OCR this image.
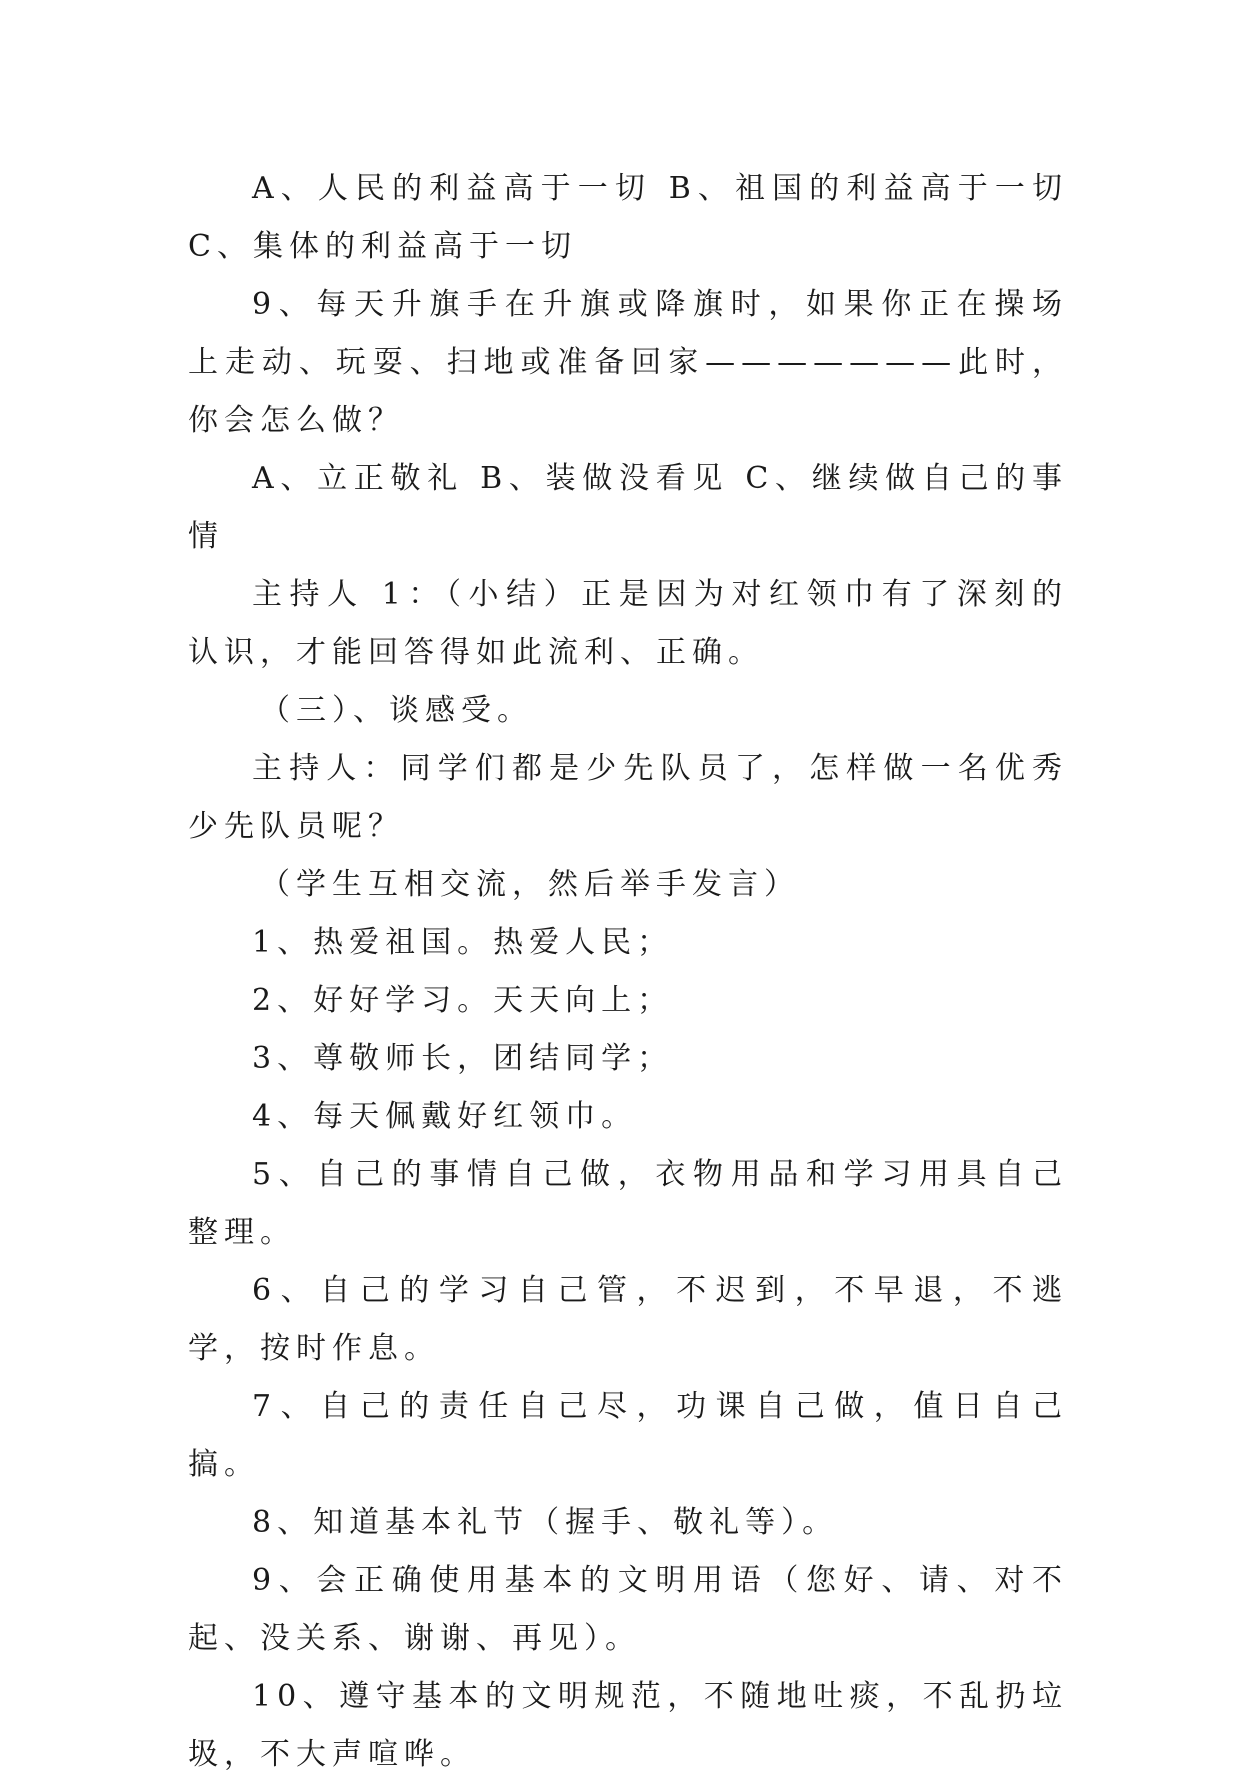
A、人民的利益高于一切 B、祖国的利益高于一切 C、集体的利益高于一切

9、每天升旗手在升旗或降旗时，如果你正在操场上走动、玩耍、扫地或准备回家———————此时，你会怎么做？

A、立正敬礼 B、装做没看见 C、继续做自己的事情

主持人 1：（小结）正是因为对红领巾有了深刻的认识，才能回答得如此流利、正确。

（三）、谈感受。

主持人：同学们都是少先队员了，怎样做一名优秀少先队员呢？

（学生互相交流，然后举手发言）

1、热爱祖国。热爱人民；

2、好好学习。天天向上；

3、尊敬师长，团结同学；

4、每天佩戴好红领巾。

5、自己的事情自己做，衣物用品和学习用具自己整理。

6、自己的学习自己管，不迟到，不早退，不逃学，按时作息。

7、自己的责任自己尽，功课自己做，值日自己搞。

8、知道基本礼节（握手、敬礼等）。

9、会正确使用基本的文明用语（您好、请、对不起、没关系、谢谢、再见）。

10、遵守基本的文明规范，不随地吐痰，不乱扔垃圾，不大声喧哗。
